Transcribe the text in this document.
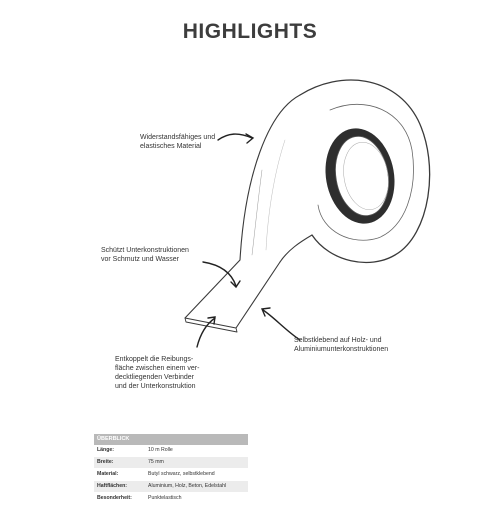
HIGHLIGHTS
Widerstandsfähiges und
elastisches Material
Schützt Unterkonstruktionen
vor Schmutz und Wasser
Selbstklebend auf Holz- und
Aluminiumunterkonstruktionen
Entkoppelt die Reibungs-
fläche zwischen einem ver-
decktliegenden Verbinder
und der Unterkonstruktion
ÜBERBLICK
Länge:	10 m Rolle
Breite:	75 mm
Material:	Butyl schwarz, selbstklebend
Haftflächen:	Aluminium, Holz, Beton, Edelstahl
Besonderheit:	Punktelastisch
